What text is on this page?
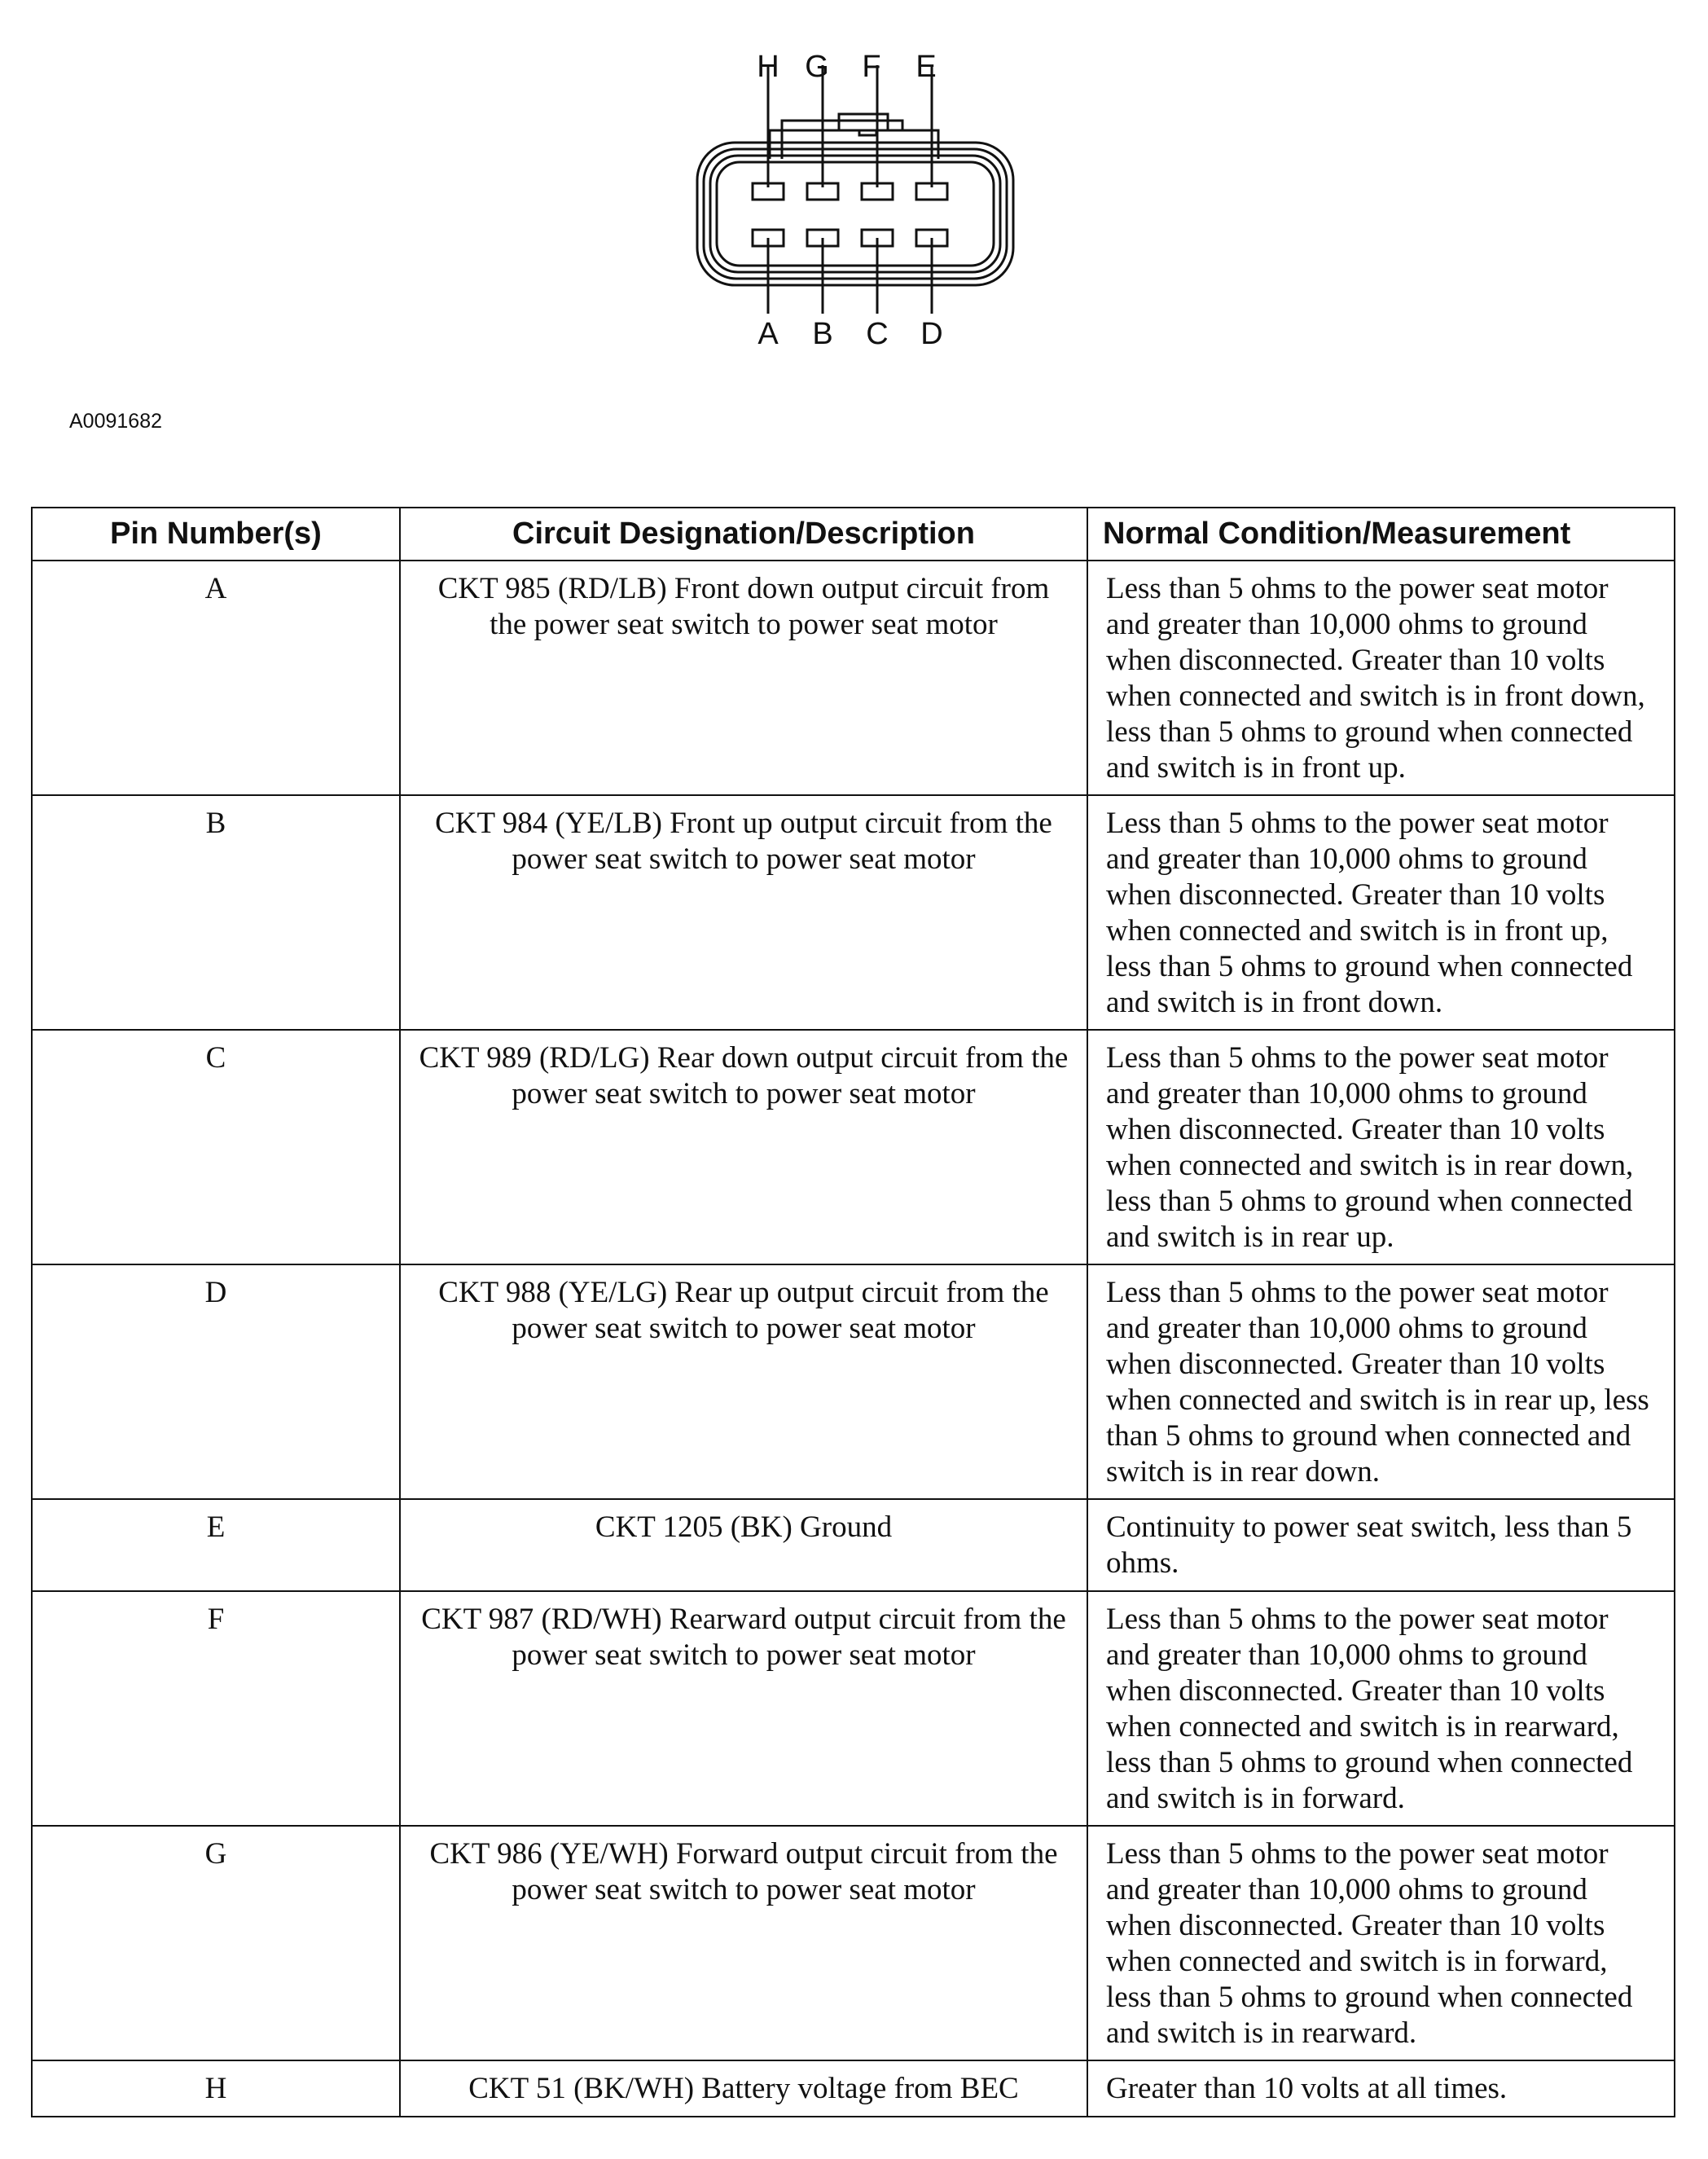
H G F E
A B C D
A0091682
Pin Number(s)	Circuit Designation/Description	Normal Condition/Measurement
A	CKT 985 (RD/LB) Front down output circuit from the power seat switch to power seat motor	Less than 5 ohms to the power seat motor and greater than 10,000 ohms to ground when disconnected. Greater than 10 volts when connected and switch is in front down, less than 5 ohms to ground when connected and switch is in front up.
B	CKT 984 (YE/LB) Front up output circuit from the power seat switch to power seat motor	Less than 5 ohms to the power seat motor and greater than 10,000 ohms to ground when disconnected. Greater than 10 volts when connected and switch is in front up, less than 5 ohms to ground when connected and switch is in front down.
C	CKT 989 (RD/LG) Rear down output circuit from the power seat switch to power seat motor	Less than 5 ohms to the power seat motor and greater than 10,000 ohms to ground when disconnected. Greater than 10 volts when connected and switch is in rear down, less than 5 ohms to ground when connected and switch is in rear up.
D	CKT 988 (YE/LG) Rear up output circuit from the power seat switch to power seat motor	Less than 5 ohms to the power seat motor and greater than 10,000 ohms to ground when disconnected. Greater than 10 volts when connected and switch is in rear up, less than 5 ohms to ground when connected and switch is in rear down.
E	CKT 1205 (BK) Ground	Continuity to power seat switch, less than 5 ohms.
F	CKT 987 (RD/WH) Rearward output circuit from the power seat switch to power seat motor	Less than 5 ohms to the power seat motor and greater than 10,000 ohms to ground when disconnected. Greater than 10 volts when connected and switch is in rearward, less than 5 ohms to ground when connected and switch is in forward.
G	CKT 986 (YE/WH) Forward output circuit from the power seat switch to power seat motor	Less than 5 ohms to the power seat motor and greater than 10,000 ohms to ground when disconnected. Greater than 10 volts when connected and switch is in forward, less than 5 ohms to ground when connected and switch is in rearward.
H	CKT 51 (BK/WH) Battery voltage from BEC	Greater than 10 volts at all times.
